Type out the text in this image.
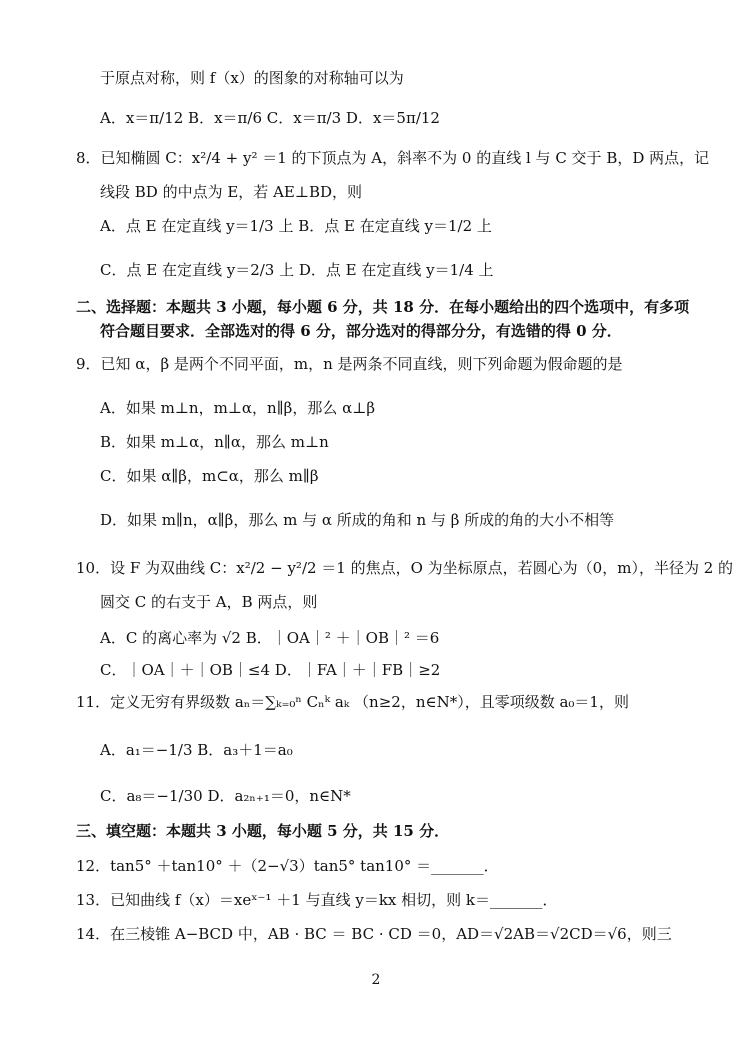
于原点对称，则 f（x）的图象的对称轴可以为
A．x＝π/12 B．x＝π/6 C．x＝π/3 D．x＝5π/12
8．已知椭圆 C：x²/4 + y² ＝1 的下顶点为 A，斜率不为 0 的直线 l 与 C 交于 B，D 两点，记
线段 BD 的中点为 E，若 AE⊥BD，则
A．点 E 在定直线 y＝1/3 上 B．点 E 在定直线 y＝1/2 上
C．点 E 在定直线 y＝2/3 上 D．点 E 在定直线 y＝1/4 上
二、选择题：本题共 3 小题，每小题 6 分，共 18 分．在每小题给出的四个选项中，有多项
符合题目要求．全部选对的得 6 分，部分选对的得部分分，有选错的得 0 分．
9．已知 α，β 是两个不同平面，m，n 是两条不同直线，则下列命题为假命题的是
A．如果 m⊥n，m⊥α，n∥β，那么 α⊥β
B．如果 m⊥α，n∥α，那么 m⊥n
C．如果 α∥β，m⊂α，那么 m∥β
D．如果 m∥n，α∥β，那么 m 与 α 所成的角和 n 与 β 所成的角的大小不相等
10．设 F 为双曲线 C：x²/2 − y²/2 ＝1 的焦点，O 为坐标原点，若圆心为（0，m），半径为 2 的
圆交 C 的右支于 A，B 两点，则
A．C 的离心率为 √2 B．｜OA｜² ＋｜OB｜² ＝6
C．｜OA｜＋｜OB｜≤4 D．｜FA｜＋｜FB｜≥2
11．定义无穷有界级数 aₙ＝∑ₖ₌₀ⁿ Cₙᵏ aₖ （n≥2，n∈N*），且零项级数 a₀＝1，则
A．a₁＝−1/3 B．a₃＋1＝a₀
C．a₈＝−1/30 D．a₂ₙ₊₁＝0，n∈N*
三、填空题：本题共 3 小题，每小题 5 分，共 15 分．
12．tan5° ＋tan10° ＋（2−√3）tan5° tan10° ＝_______．
13．已知曲线 f（x）＝xeˣ⁻¹ ＋1 与直线 y＝kx 相切，则 k＝_______．
14．在三棱锥 A−BCD 中，AB · BC ＝ BC · CD ＝0，AD＝√2AB＝√2CD＝√6，则三
2
